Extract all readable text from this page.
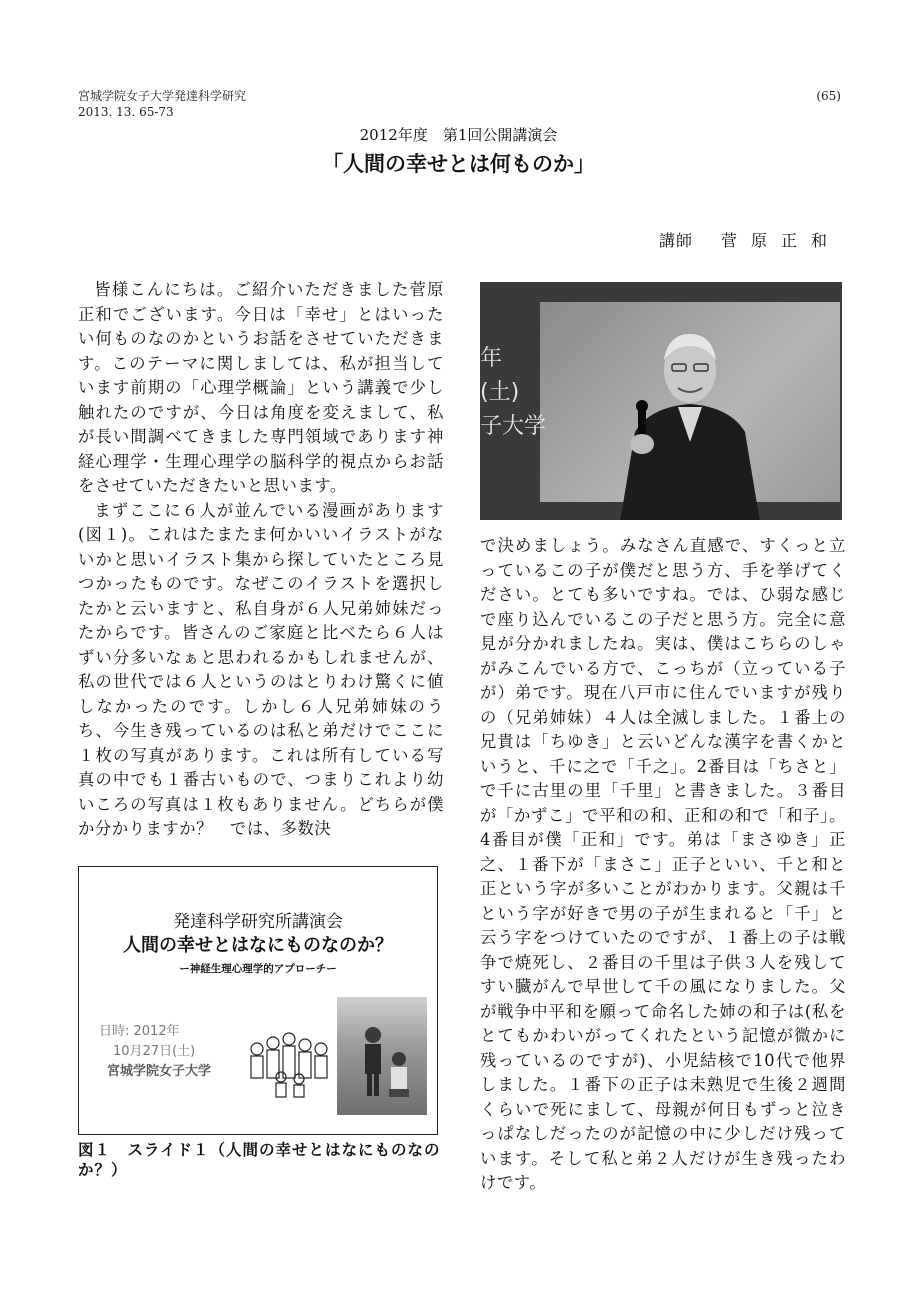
宮城学院女子大学発達科学研究
2013. 13. 65-73
(65)
2012年度　第1回公開講演会
「人間の幸せとは何ものか」
講師 菅原正和

皆様こんにちは。ご紹介いただきました菅原正和でございます。今日は「幸せ」とはいったい何ものなのかというお話をさせていただきます。このテーマに関しましては、私が担当しています前期の「心理学概論」という講義で少し触れたのですが、今日は角度を変えまして、私が長い間調べてきました専門領域であります神経心理学・生理心理学の脳科学的視点からお話をさせていただきたいと思います。

まずここに６人が並んでいる漫画があります(図１)。これはたまたま何かいいイラストがないかと思いイラスト集から探していたところ見つかったものです。なぜこのイラストを選択したかと云いますと、私自身が６人兄弟姉妹だったからです。皆さんのご家庭と比べたら６人はずい分多いなぁと思われるかもしれませんが、私の世代では６人というのはとりわけ驚くに値しなかったのです。しかし６人兄弟姉妹のうち、今生き残っているのは私と弟だけでここに１枚の写真があります。これは所有している写真の中でも１番古いもので、つまりこれより幼いころの写真は１枚もありません。どちらが僕か分かりますか？　では、多数決

年
(土)
子大学

で決めましょう。みなさん直感で、すくっと立っているこの子が僕だと思う方、手を挙げてください。とても多いですね。では、ひ弱な感じで座り込んでいるこの子だと思う方。完全に意見が分かれましたね。実は、僕はこちらのしゃがみこんでいる方で、こっちが（立っている子が）弟です。現在八戸市に住んでいますが残りの（兄弟姉妹）４人は全滅しました。１番上の兄貴は「ちゆき」と云いどんな漢字を書くかというと、千に之で「千之」。2番目は「ちさと」で千に古里の里「千里」と書きました。３番目が「かずこ」で平和の和、正和の和で「和子」。4番目が僕「正和」です。弟は「まさゆき」正之、１番下が「まさこ」正子といい、千と和と正という字が多いことがわかります。父親は千という字が好きで男の子が生まれると「千」と云う字をつけていたのですが、１番上の子は戦争で焼死し、２番目の千里は子供３人を残してすい臓がんで早世して千の風になりました。父が戦争中平和を願って命名した姉の和子は(私をとてもかわいがってくれたという記憶が微かに残っているのですが)、小児結核で10代で他界しました。１番下の正子は未熟児で生後２週間くらいで死にまして、母親が何日もずっと泣きっぱなしだったのが記憶の中に少しだけ残っています。そして私と弟２人だけが生き残ったわけです。

発達科学研究所講演会
人間の幸せとはなにものなのか？
ー神経生理心理学的アプローチー
日時: 2012年
10月27日(土)
宮城学院女子大学
図１　スライド１（人間の幸せとはなにものなのか？）
